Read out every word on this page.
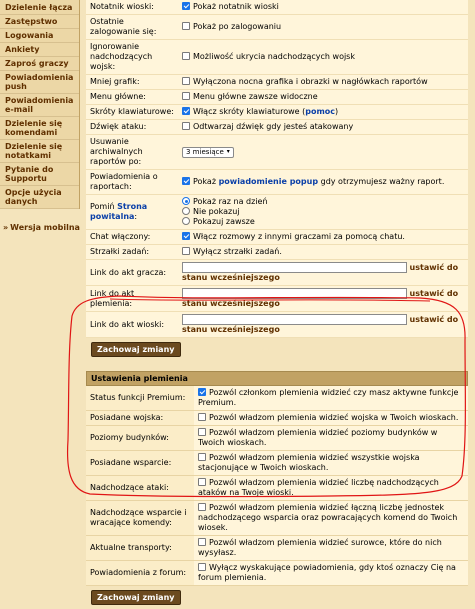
Dzielenie łącza
Zastępstwo
Logowania
Ankiety
Zaproś graczy
Powiadomienia push
Powiadomienia e-mail
Dzielenie się komendami
Dzielenie się notatkami
Pytanie do Supportu
Opcje użycia danych
» Wersja mobilna
Notatnik wioski:	Pokaż notatnik wioski
Ostatnie zalogowanie się:	Pokaż po zalogowaniu
Ignorowanie nadchodzących wojsk:	Możliwość ukrycia nadchodzących wojsk
Mniej grafik:	Wyłączona nocna grafika i obrazki w nagłówkach raportów
Menu główne:	Menu główne zawsze widoczne
Skróty klawiaturowe:	Włącz skróty klawiaturowe (pomoc)
Dźwięk ataku:	Odtwarzaj dźwięk gdy jesteś atakowany
Usuwanie archiwalnych raportów po:	3 miesiące ▾

Powiadomienia o raportach:	Pokaż powiadomienie popup gdy otrzymujesz ważny raport.
Pomiń Strona powitalna:	Pokaż raz na dzień
Nie pokazuj
Pokazuj zawsze

Chat włączony:	Włącz rozmowy z innymi graczami za pomocą chatu.
Strzałki zadań:	Wyłącz strzałki zadań.
Link do akt gracza:	ustawić do stanu wcześniejszego
Link do akt plemienia:	ustawić do stanu wcześniejszego
Link do akt wioski:	ustawić do stanu wcześniejszego
Zachowaj zmiany
Ustawienia plemienia
Status funkcji Premium:	Pozwól członkom plemienia widzieć czy masz aktywne funkcje Premium.
Posiadane wojska:	Pozwól władzom plemienia widzieć wojska w Twoich wioskach.
Poziomy budynków:	Pozwól władzom plemienia widzieć poziomy budynków w Twoich wioskach.
Posiadane wsparcie:	Pozwól władzom plemienia widzieć wszystkie wojska stacjonujące w Twoich wioskach.
Nadchodzące ataki:	Pozwól władzom plemienia widzieć liczbę nadchodzących ataków na Twoje wioski.
Nadchodzące wsparcie i wracające komendy:	Pozwól władzom plemienia widzieć łączną liczbę jednostek nadchodzącego wsparcia oraz powracających komend do Twoich wiosek.
Aktualne transporty:	Pozwól władzom plemienia widzieć surowce, które do nich wysyłasz.
Powiadomienia z forum:	Wyłącz wyskakujące powiadomienia, gdy ktoś oznaczy Cię na forum plemienia.
Zachowaj zmiany
